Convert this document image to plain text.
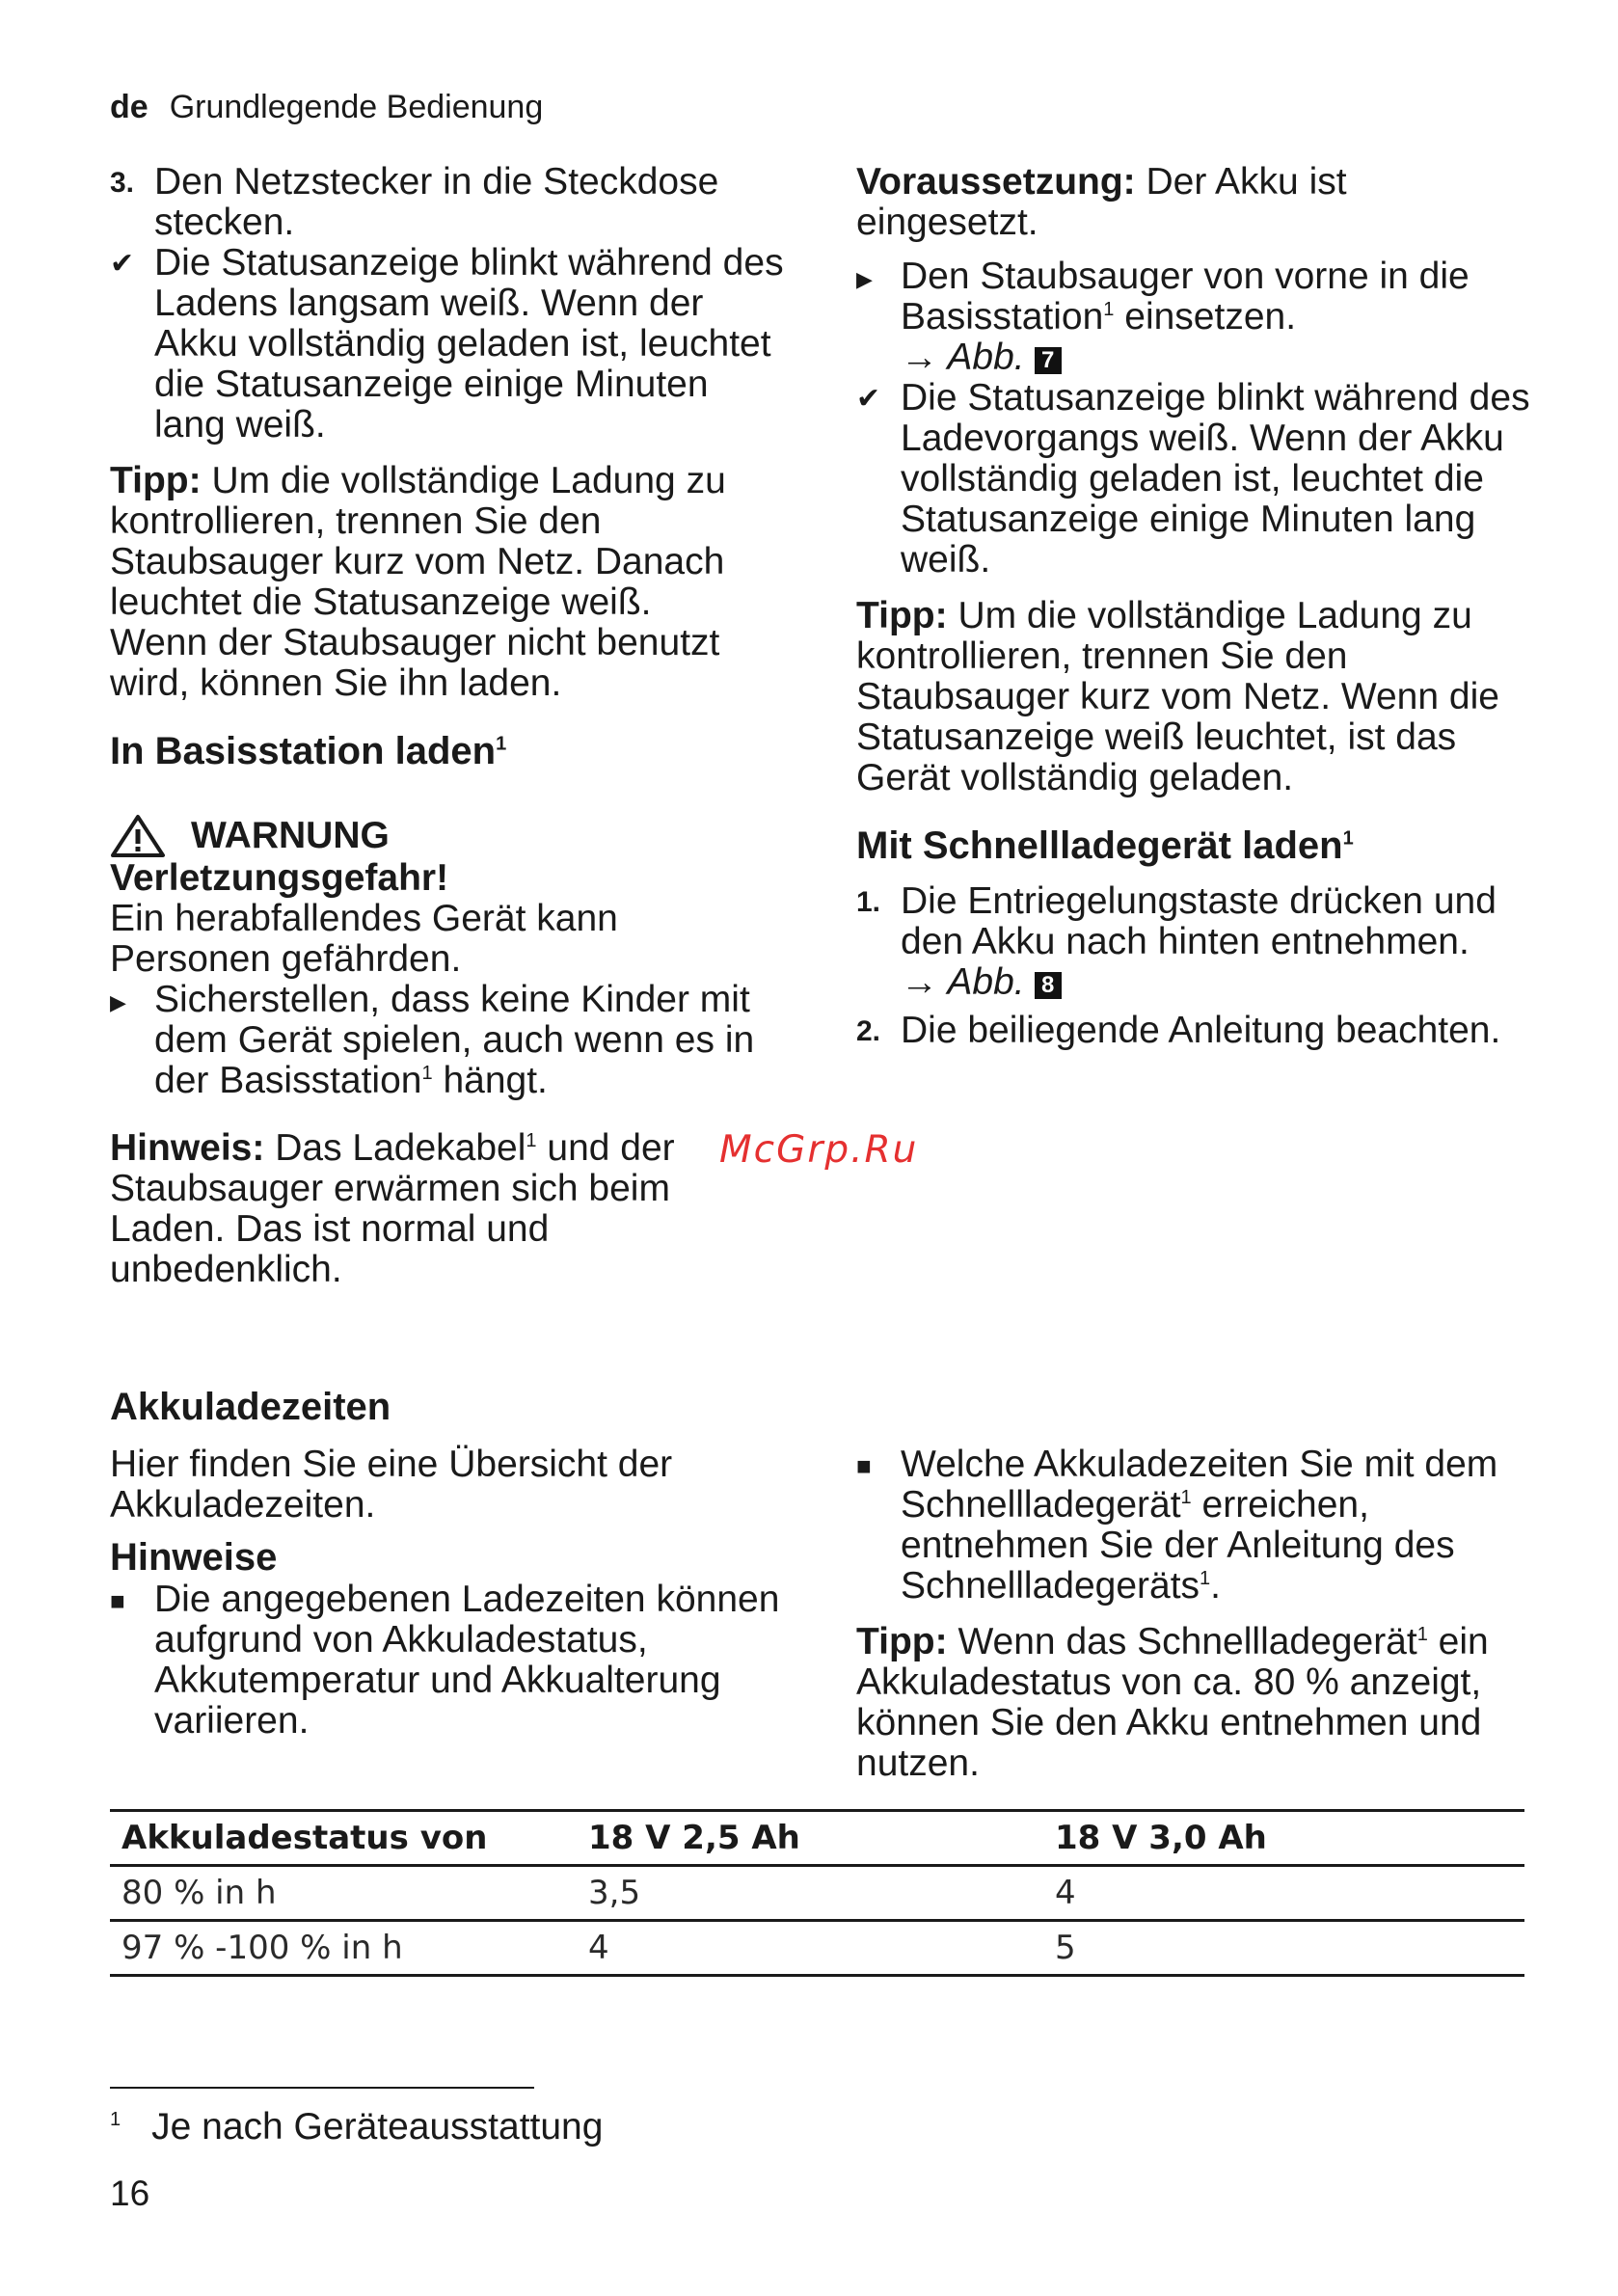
de Grundlegende Bedienung
3. Den Netzstecker in die Steckdose stecken.
✔ Die Statusanzeige blinkt während des Ladens langsam weiß. Wenn der Akku vollständig geladen ist, leuchtet die Statusanzeige einige Minuten lang weiß.

Tipp: Um die vollständige Ladung zu kontrollieren, trennen Sie den Staubsauger kurz vom Netz. Danach leuchtet die Statusanzeige weiß.

Wenn der Staubsauger nicht benutzt wird, können Sie ihn laden.

In Basisstation laden$^1$

WARNUNG

Verletzungsgefahr!

Ein herabfallendes Gerät kann Personen gefährden.

▶ Sicherstellen, dass keine Kinder mit dem Gerät spielen, auch wenn es in der Basisstation$^1$ hängt.

Hinweis: Das Ladekabel$^1$ und der Staubsauger erwärmen sich beim Laden. Das ist normal und unbedenklich.

Voraussetzung: Der Akku ist eingesetzt.

▶ Den Staubsauger von vorne in die Basisstation$^1$ einsetzen.
→ Abb. 7
✔ Die Statusanzeige blinkt während des Ladevorgangs weiß. Wenn der Akku vollständig geladen ist, leuchtet die Statusanzeige einige Minuten lang weiß.

Tipp: Um die vollständige Ladung zu kontrollieren, trennen Sie den Staubsauger kurz vom Netz. Wenn die Statusanzeige weiß leuchtet, ist das Gerät vollständig geladen.

Mit Schnellladegerät laden$^1$

1. Die Entriegelungstaste drücken und den Akku nach hinten entnehmen.
→ Abb. 8
2. Die beiliegende Anleitung beachten.
McGrp.Ru

Akkuladezeiten

Hier finden Sie eine Übersicht der Akkuladezeiten.

Hinweise

■ Die angegebenen Ladezeiten können aufgrund von Akkuladestatus, Akkutemperatur und Akkualterung variieren.
■ Welche Akkuladezeiten Sie mit dem Schnellladegerät$^1$ erreichen, entnehmen Sie der Anleitung des Schnellladegeräts$^1$.

Tipp: Wenn das Schnellladegerät$^1$ ein Akkuladestatus von ca. 80 % anzeigt, können Sie den Akku entnehmen und nutzen.

Akkuladestatus von	18 V 2,5 Ah	18 V 3,0 Ah
80 % in h	3,5	4
97 % -100 % in h	4	5
$^1$ Je nach Geräteausstattung
16
